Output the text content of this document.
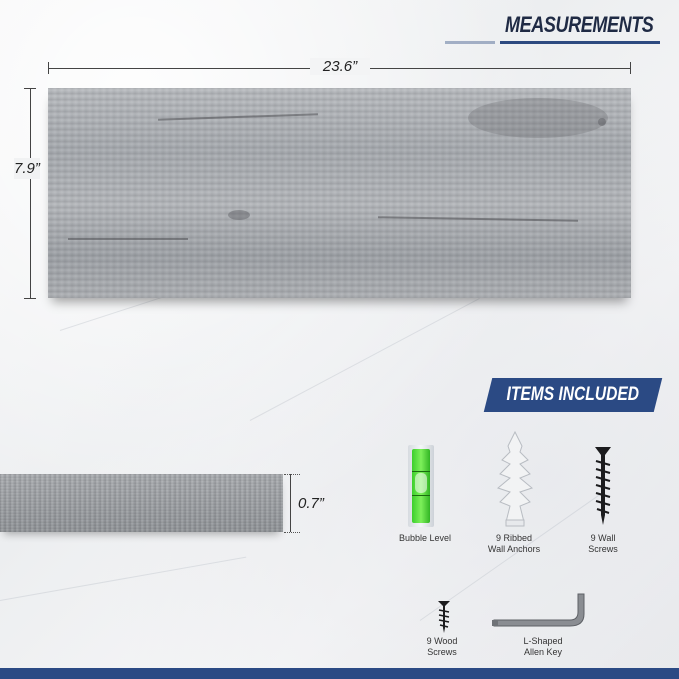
MEASUREMENTS
23.6”
7.9”
ITEMS INCLUDED
0.7”
Bubble Level	9 Ribbed
Wall Anchors
9 Wall
Screws
9 Wood
Screws
L-Shaped
Allen Key
